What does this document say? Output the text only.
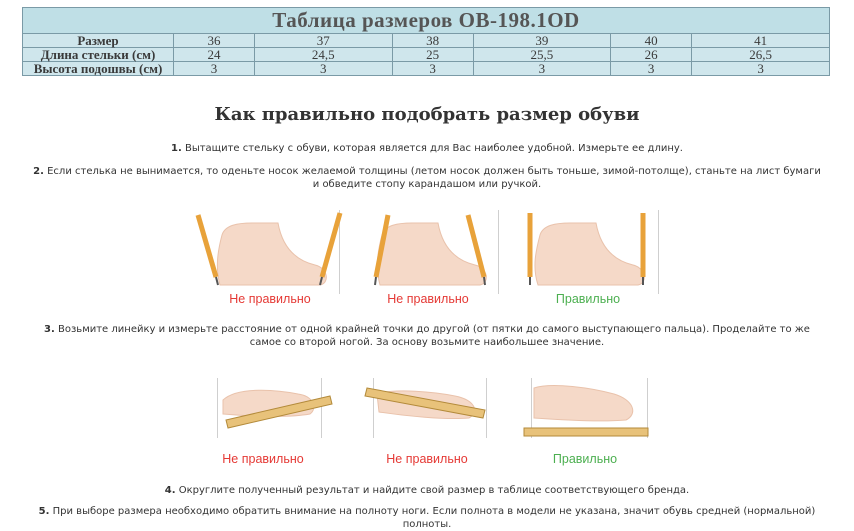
Таблица размеров OB-198.1OD						
Размер	36	37	38	39	40	41
Длина стельки (см)	24	24,5	25	25,5	26	26,5
Высота подошвы (см)	3	3	3	3	3	3
Как правильно подобрать размер обуви
1. Вытащите стельку с обуви, которая является для Вас наиболее удобной. Измерьте ее длину.
2. Если стелька не вынимается, то оденьте носок желаемой толщины (летом носок должен быть тоньше, зимой-потолще), станьте на лист бумаги и обведите стопу карандашом или ручкой.
Не правильно	Не правильно	Правильно
3. Возьмите линейку и измерьте расстояние от одной крайней точки до другой (от пятки до самого выступающего пальца). Проделайте то же самое со второй ногой. За основу возьмите наибольшее значение.
Не правильно	Не правильно	Правильно
4. Округлите полученный результат и найдите свой размер в таблице соответствующего бренда.
5. При выборе размера необходимо обратить внимание на полноту ноги. Если полнота в модели не указана, значит обувь средней (нормальной) полноты.
